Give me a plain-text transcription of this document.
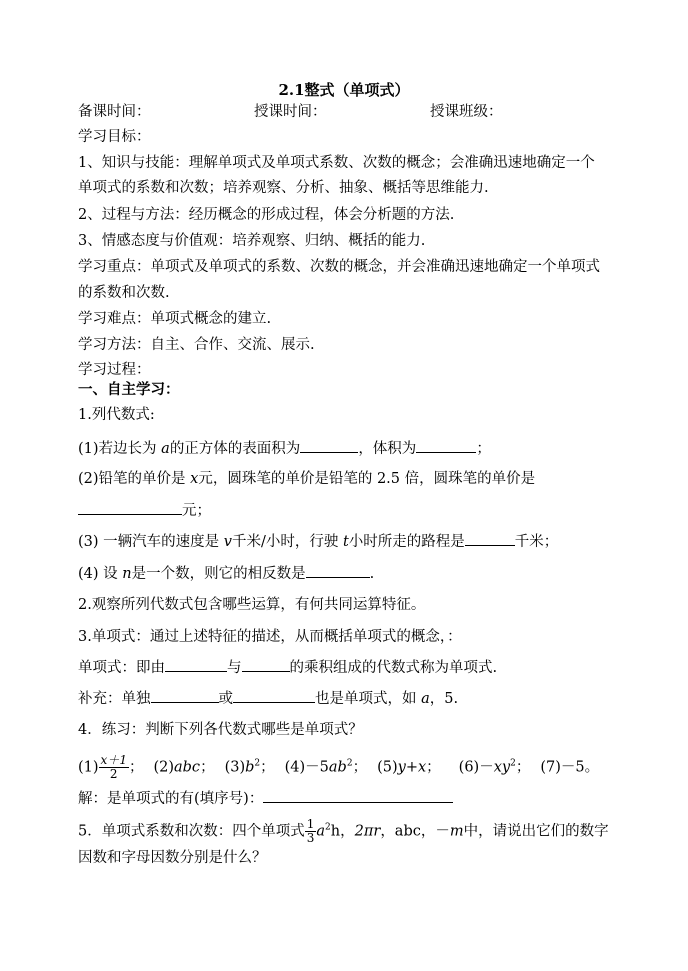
2.1整式（单项式）
备课时间：	授课时间：	授课班级：
学习目标：
1、知识与技能：理解单项式及单项式系数、次数的概念；会准确迅速地确定一个
单项式的系数和次数；培养观察、分析、抽象、概括等思维能力.
2、过程与方法：经历概念的形成过程，体会分析题的方法.
3、情感态度与价值观：培养观察、归纳、概括的能力.
学习重点：单项式及单项式的系数、次数的概念，并会准确迅速地确定一个单项式
的系数和次数.
学习难点：单项式概念的建立.
学习方法：自主、合作、交流、展示.
学习过程：
一、自主学习：
1.列代数式:
(1)若边长为 a的正方体的表面积为	，体积为	；
(2)铅笔的单价是 x元，圆珠笔的单价是铅笔的 2.5 倍，圆珠笔的单价是
元；
(3) 一辆汽车的速度是 v千米/小时，行驶 t小时所走的路程是	千米；
(4) 设 n是一个数，则它的相反数是	.
2.观察所列代数式包含哪些运算，有何共同运算特征。
3.单项式：通过上述特征的描述，从而概括单项式的概念，：
单项式：即由	与	的乘积组成的代数式称为单项式.
补充：单独	或	也是单项式，如 a，5.
4．练习：判断下列各代数式哪些是单项式？
$(1) \frac{x+1}{2}$ ； (2)abc； $(3)b^2$； $(4)-5ab^2$； (5)y+x； $(6)-xy^2$； (7)－5。
解：是单项式的有(填序号)：
5．单项式系数和次数：四个单项式 $\frac{1}{3} a^2h$，2πr，abc，－m中，请说出它们的数字
因数和字母因数分别是什么？
